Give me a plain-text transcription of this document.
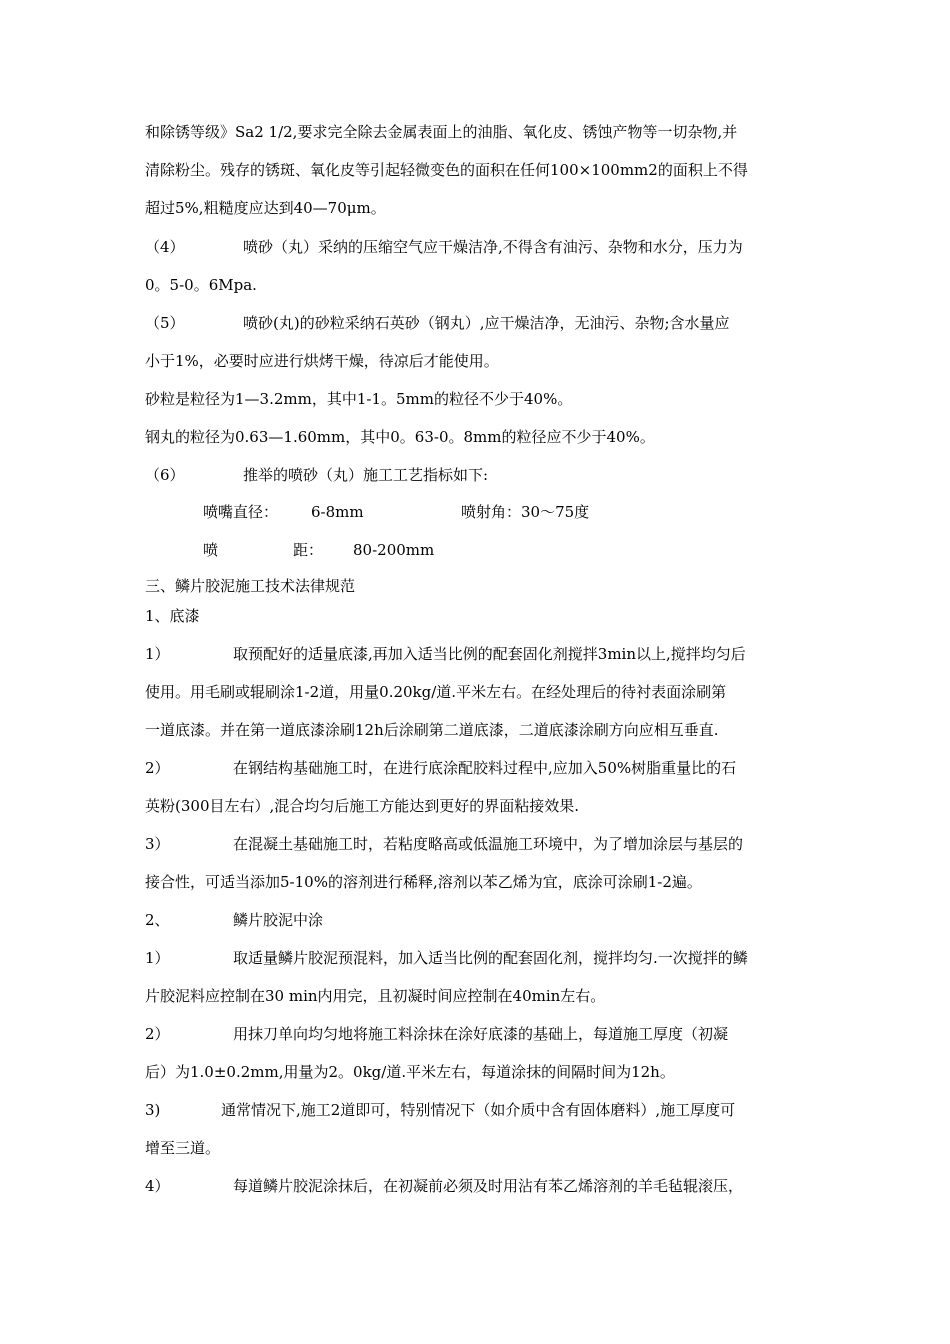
和除锈等级》Sa2 1/2,要求完全除去金属表面上的油脂、氧化皮、锈蚀产物等一切杂物,并
清除粉尘。残存的锈斑、氧化皮等引起轻微变色的面积在任何100×100mm2的面积上不得
超过5%,粗糙度应达到40—70μm。
（4）	喷砂（丸）采纳的压缩空气应干燥洁净,不得含有油污、杂物和水分，压力为
0。5-0。6Mpa.
（5）	喷砂(丸)的砂粒采纳石英砂（钢丸）,应干燥洁净，无油污、杂物;含水量应
小于1%，必要时应进行烘烤干燥，待凉后才能使用。
砂粒是粒径为1—3.2mm，其中1-1。5mm的粒径不少于40%。
钢丸的粒径为0.63—1.60mm，其中0。63-0。8mm的粒径应不少于40%。
（6）	推举的喷砂（丸）施工工艺指标如下:
喷嘴直径： 6-8mm	喷射角：30～75度
喷	距： 80-200mm
三、鳞片胶泥施工技术法律规范
1、底漆
1）	取预配好的适量底漆,再加入适当比例的配套固化剂搅拌3min以上,搅拌均匀后
使用。用毛刷或辊刷涂1-2道，用量0.20kg/道.平米左右。在经处理后的待衬表面涂刷第
一道底漆。并在第一道底漆涂刷12h后涂刷第二道底漆，二道底漆涂刷方向应相互垂直.
2）	在钢结构基础施工时，在进行底涂配胶料过程中,应加入50%树脂重量比的石
英粉(300目左右）,混合均匀后施工方能达到更好的界面粘接效果.
3）	在混凝土基础施工时，若粘度略高或低温施工环境中，为了增加涂层与基层的
接合性，可适当添加5-10%的溶剂进行稀释,溶剂以苯乙烯为宜，底涂可涂刷1-2遍。
2、	鳞片胶泥中涂
1）	取适量鳞片胶泥预混料，加入适当比例的配套固化剂，搅拌均匀.一次搅拌的鳞
片胶泥料应控制在30 min内用完，且初凝时间应控制在40min左右。
2）	用抹刀单向均匀地将施工料涂抹在涂好底漆的基础上，每道施工厚度（初凝
后）为1.0±0.2mm,用量为2。0kg/道.平米左右，每道涂抹的间隔时间为12h。
3)	通常情况下,施工2道即可，特别情况下（如介质中含有固体磨料）,施工厚度可
增至三道。
4）	每道鳞片胶泥涂抹后，在初凝前必须及时用沾有苯乙烯溶剂的羊毛毡辊滚压，
